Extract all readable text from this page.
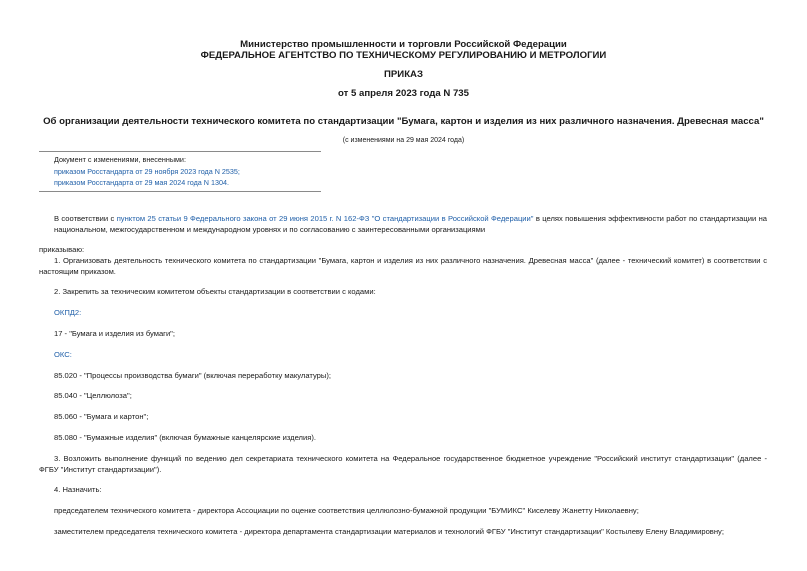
Министерство промышленности и торговли Российской Федерации
ФЕДЕРАЛЬНОЕ АГЕНТСТВО ПО ТЕХНИЧЕСКОМУ РЕГУЛИРОВАНИЮ И МЕТРОЛОГИИ
ПРИКАЗ
от 5 апреля 2023 года N 735
Об организации деятельности технического комитета по стандартизации "Бумага, картон и изделия из них различного назначения. Древесная масса"
(с изменениями на 29 мая 2024 года)
Документ с изменениями, внесенными:
приказом Росстандарта от 29 ноября 2023 года N 2535;
приказом Росстандарта от 29 мая 2024 года N 1304.
В соответствии с пунктом 25 статьи 9 Федерального закона от 29 июня 2015 г. N 162-ФЗ "О стандартизации в Российской Федерации" в целях повышения эффективности работ по стандартизации на национальном, межгосударственном и международном уровнях и по согласованию с заинтересованными организациями
приказываю:
1. Организовать деятельность технического комитета по стандартизации "Бумага, картон и изделия из них различного назначения. Древесная масса" (далее - технический комитет) в соответствии с настоящим приказом.
2. Закрепить за техническим комитетом объекты стандартизации в соответствии с кодами:
ОКПД2:
17 - "Бумага и изделия из бумаги";
ОКС:
85.020 - "Процессы производства бумаги" (включая переработку макулатуры);
85.040 - "Целлюлоза";
85.060 - "Бумага и картон";
85.080 - "Бумажные изделия" (включая бумажные канцелярские изделия).
3. Возложить выполнение функций по ведению дел секретариата технического комитета на Федеральное государственное бюджетное учреждение "Российский институт стандартизации" (далее - ФГБУ "Институт стандартизации").
4. Назначить:
председателем технического комитета - директора Ассоциации по оценке соответствия целлюлозно-бумажной продукции "БУМИКС" Киселеву Жанетту Николаевну;
заместителем председателя технического комитета - директора департамента стандартизации материалов и технологий ФГБУ "Институт стандартизации" Костылеву Елену Владимировну;
